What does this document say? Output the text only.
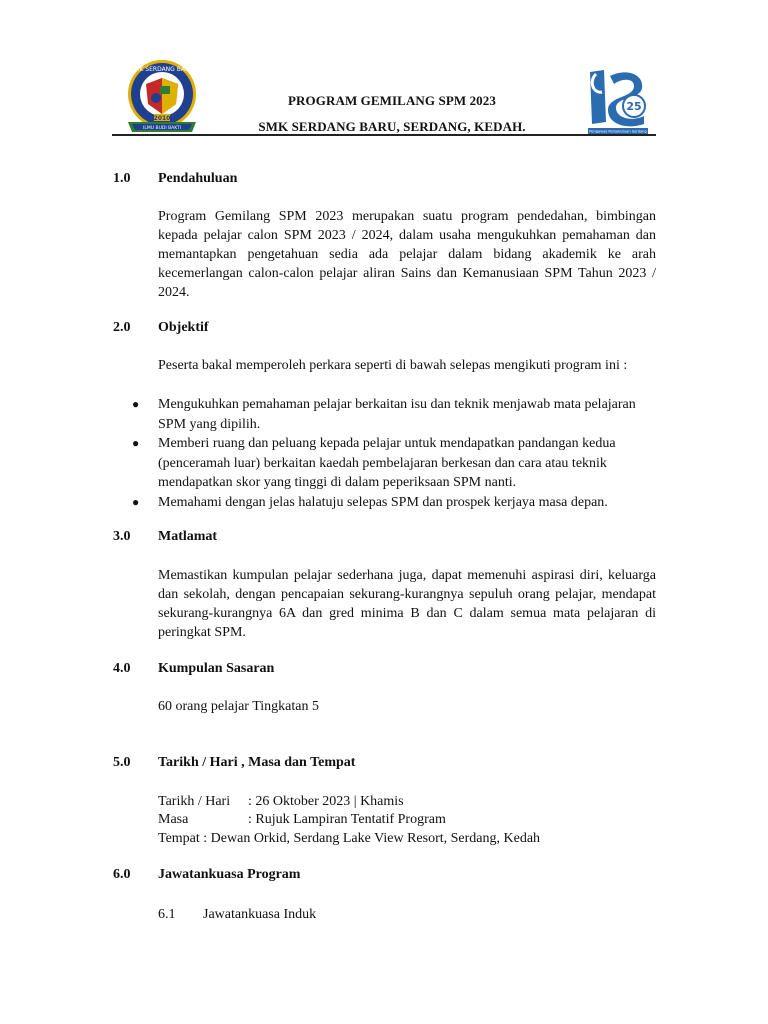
SMK SERDANG BARU
2010
ILMU BUDI BAKTI
PROGRAM GEMILANG SPM 2023
SMK SERDANG BARU, SERDANG, KEDAH.
25
Pengawas Persekutuan Serdang
1.0 Pendahuluan
Program Gemilang SPM 2023 merupakan suatu program pendedahan, bimbingan kepada pelajar calon SPM 2023 / 2024, dalam usaha mengukuhkan pemahaman dan memantapkan pengetahuan sedia ada pelajar dalam bidang akademik ke arah kecemerlangan calon-calon pelajar aliran Sains dan Kemanusiaan SPM Tahun 2023 / 2024.
2.0 Objektif
Peserta bakal memperoleh perkara seperti di bawah selepas mengikuti program ini :
● Mengukuhkan pemahaman pelajar berkaitan isu dan teknik menjawab mata pelajaran SPM yang dipilih.
● Memberi ruang dan peluang kepada pelajar untuk mendapatkan pandangan kedua (penceramah luar) berkaitan kaedah pembelajaran berkesan dan cara atau teknik mendapatkan skor yang tinggi di dalam peperiksaan SPM nanti.
● Memahami dengan jelas halatuju selepas SPM dan prospek kerjaya masa depan.
3.0 Matlamat
Memastikan kumpulan pelajar sederhana juga, dapat memenuhi aspirasi diri, keluarga dan sekolah, dengan pencapaian sekurang-kurangnya sepuluh orang pelajar, mendapat sekurang-kurangnya 6A dan gred minima B dan C dalam semua mata pelajaran di peringkat SPM.
4.0 Kumpulan Sasaran
60 orang pelajar Tingkatan 5
5.0 Tarikh / Hari , Masa dan Tempat
Tarikh / Hari : 26 Oktober 2023 | Khamis
Masa	: Rujuk Lampiran Tentatif Program
Tempat : Dewan Orkid, Serdang Lake View Resort, Serdang, Kedah
6.0 Jawatankuasa Program
6.1 Jawatankuasa Induk
